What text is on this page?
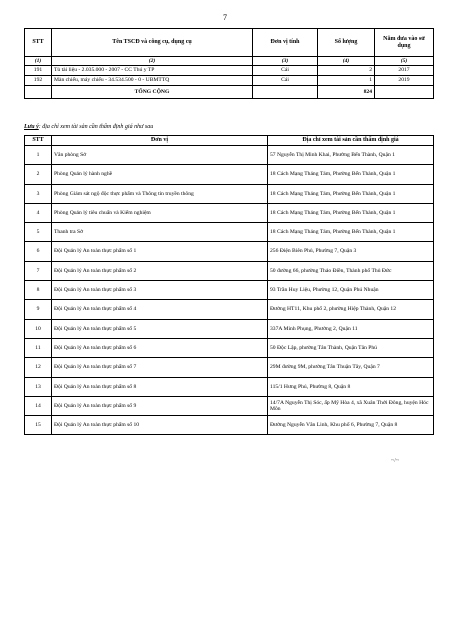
7
STT	Tên TSCĐ và công cụ, dụng cụ	Đơn vị tính	Số lượng	Năm đưa vào sử dụng
(1)	(2)	(3)	(4)	(5)
191	Tủ tài liệu - 2.035.000 - 2007 - CC Thú y TP	Cái	2	2017
192	Màn chiếu, máy chiếu - 34.534.500 - 0 - UBMTTQ	Cái	1	2019
	TỔNG CỘNG		824	
Lưu ý: địa chỉ xem tài sản cần thẩm định giá như sau
STT	Đơn vị	Địa chỉ xem tài sản cần thẩm định giá
1	Văn phòng Sở	57 Nguyễn Thị Minh Khai, Phường Bến Thành, Quận 1
2	Phòng Quản lý hành nghề	18 Cách Mạng Tháng Tám, Phường Bến Thành, Quận 1
3	Phòng Giám sát ngộ độc thực phẩm và Thông tin truyền thông	18 Cách Mạng Tháng Tám, Phường Bến Thành, Quận 1
4	Phòng Quản lý tiêu chuẩn và Kiểm nghiệm	18 Cách Mạng Tháng Tám, Phường Bến Thành, Quận 1
5	Thanh tra Sở	18 Cách Mạng Tháng Tám, Phường Bến Thành, Quận 1
6	Đội Quản lý An toàn thực phẩm số 1	256 Điện Biên Phủ, Phường 7, Quận 3
7	Đội Quản lý An toàn thực phẩm số 2	50 đường 66, phường Thảo Điền, Thành phố Thủ Đức
8	Đội Quản lý An toàn thực phẩm số 3	93 Trần Huy Liệu, Phường 12, Quận Phú Nhuận
9	Đội Quản lý An toàn thực phẩm số 4	Đường HT11, Khu phố 2, phường Hiệp Thành, Quận 12
10	Đội Quản lý An toàn thực phẩm số 5	337A Minh Phụng, Phường 2, Quận 11
11	Đội Quản lý An toàn thực phẩm số 6	50 Độc Lập, phường Tân Thành, Quận Tân Phú
12	Đội Quản lý An toàn thực phẩm số 7	29M đường 9M, phường Tân Thuận Tây, Quận 7
13	Đội Quản lý An toàn thực phẩm số 8	115/1 Hưng Phú, Phường 8, Quận 8
14	Đội Quản lý An toàn thực phẩm số 9	14/7A Nguyễn Thị Sóc, ấp Mỹ Hòa 4, xã Xuân Thới Đông, huyện Hóc Môn
15	Đội Quản lý An toàn thực phẩm số 10	Đường Nguyễn Văn Linh, Khu phố 6, Phường 7, Quận 8
~/~
